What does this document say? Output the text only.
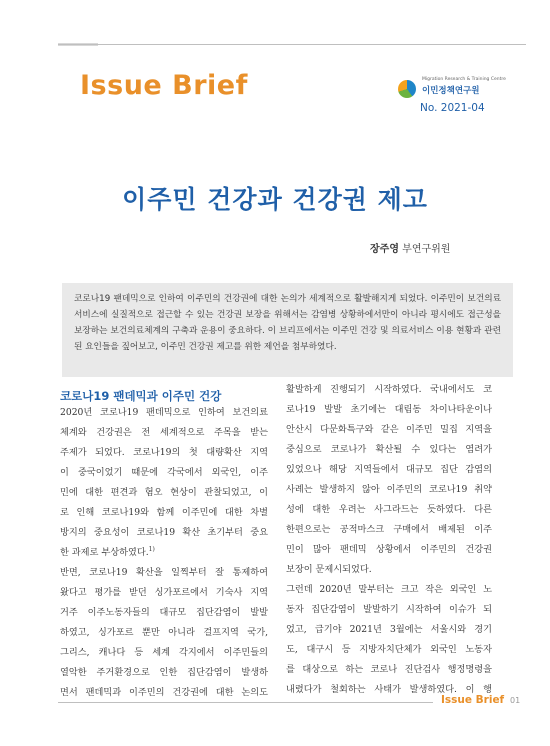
Issue Brief	Migration Research & Training Centre
이민정책연구원
No. 2021-04
이주민 건강과 건강권 제고
장주영 부연구위원
코로나19 팬데믹으로 인하여 이주민의 건강권에 대한 논의가 세계적으로 활발해지게 되었다. 이주민이 보건의료서비스에 실질적으로 접근할 수 있는 건강권 보장을 위해서는 감염병 상황하에서만이 아니라 평시에도 접근성을 보장하는 보건의료체계의 구축과 운용이 중요하다. 이 브리프에서는 이주민 건강 및 의료서비스 이용 현황과 관련된 요인들을 짚어보고, 이주민 건강권 제고를 위한 제언을 첨부하였다.
코로나19 팬데믹과 이주민 건강
2020년 코로나19 팬데믹으로 인하여 보건의료
체계와 건강권은 전 세계적으로 주목을 받는
주제가 되었다. 코로나19의 첫 대량확산 지역
이 중국이었기 때문에 각국에서 외국인, 이주
민에 대한 편견과 혐오 현상이 관찰되었고, 이
로 인해 코로나19와 함께 이주민에 대한 차별
방지의 중요성이 코로나19 확산 초기부터 중요
한 과제로 부상하였다.$^{1)}$
반면, 코로나19 확산을 일찍부터 잘 통제하여
왔다고 평가를 받던 싱가포르에서 기숙사 지역
거주 이주노동자들의 대규모 집단감염이 발발
하였고, 싱가포르 뿐만 아니라 걸프지역 국가,
그리스, 캐나다 등 세계 각지에서 이주민들의
열악한 주거환경으로 인한 집단감염이 발생하
면서 팬데믹과 이주민의 건강권에 대한 논의도
활발하게 진행되기 시작하였다. 국내에서도 코
로나19 발발 초기에는 대림동 차이나타운이나
안산시 다문화특구와 같은 이주민 밀집 지역을
중심으로 코로나가 확산될 수 있다는 염려가
있었으나 해당 지역들에서 대규모 집단 감염의
사례는 발생하지 않아 이주민의 코로나19 취약
성에 대한 우려는 사그라드는 듯하였다. 다른
한편으로는 공적마스크 구매에서 배제된 이주
민이 많아 팬데믹 상황에서 이주민의 건강권
보장이 문제시되었다.
그런데 2020년 말부터는 크고 작은 외국인 노
동자 집단감염이 발발하기 시작하여 이슈가 되
었고, 급기야 2021년 3월에는 서울시와 경기
도, 대구시 등 지방자치단체가 외국인 노동자
를 대상으로 하는 코로나 진단검사 행정명령을
내렸다가 철회하는 사태가 발생하였다. 이 행
Issue Brief 01
